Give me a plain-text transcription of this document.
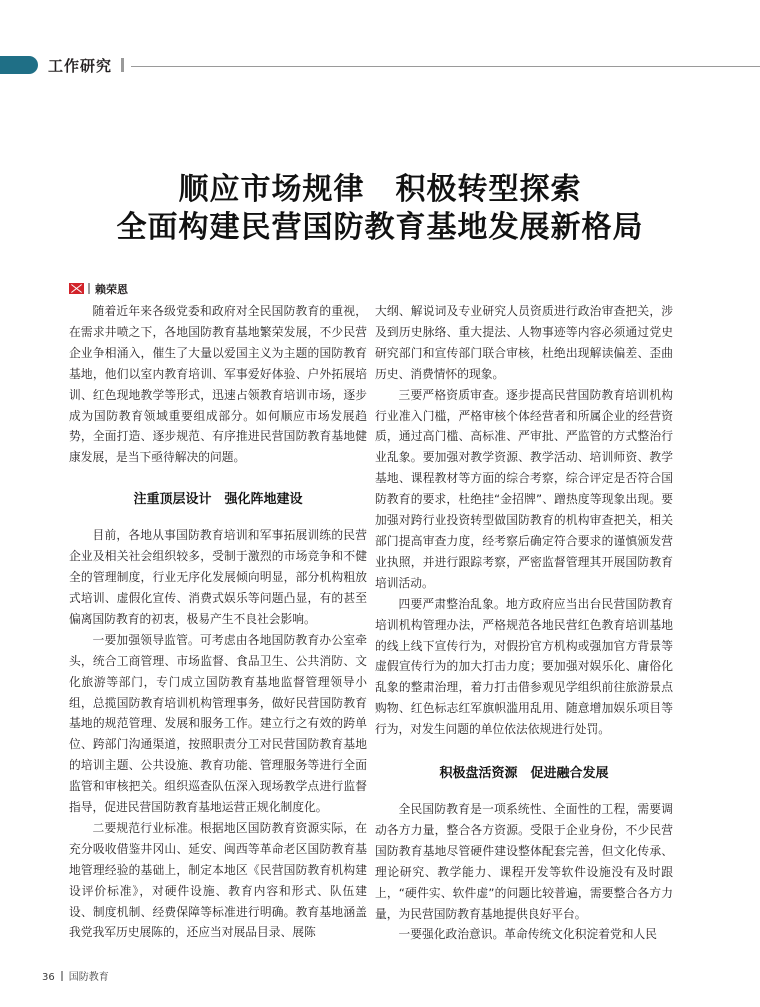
工作研究
顺应市场规律　积极转型探索
全面构建民营国防教育基地发展新格局
赖荣恩

随着近年来各级党委和政府对全民国防教育的重视，在需求井喷之下，各地国防教育基地繁荣发展，不少民营企业争相涌入，催生了大量以爱国主义为主题的国防教育基地，他们以室内教育培训、军事爱好体验、户外拓展培训、红色现地教学等形式，迅速占领教育培训市场，逐步成为国防教育领域重要组成部分。如何顺应市场发展趋势，全面打造、逐步规范、有序推进民营国防教育基地健康发展，是当下亟待解决的问题。

注重顶层设计　强化阵地建设

目前，各地从事国防教育培训和军事拓展训练的民营企业及相关社会组织较多，受制于激烈的市场竞争和不健全的管理制度，行业无序化发展倾向明显，部分机构粗放式培训、虚假化宣传、消费式娱乐等问题凸显，有的甚至偏离国防教育的初衷，极易产生不良社会影响。

一要加强领导监管。可考虑由各地国防教育办公室牵头，统合工商管理、市场监督、食品卫生、公共消防、文化旅游等部门，专门成立国防教育基地监督管理领导小组，总揽国防教育培训机构管理事务，做好民营国防教育基地的规范管理、发展和服务工作。建立行之有效的跨单位、跨部门沟通渠道，按照职责分工对民营国防教育基地的培训主题、公共设施、教育功能、管理服务等进行全面监管和审核把关。组织巡查队伍深入现场教学点进行监督指导，促进民营国防教育基地运营正规化制度化。

二要规范行业标准。根据地区国防教育资源实际，在充分吸收借鉴井冈山、延安、闽西等革命老区国防教育基地管理经验的基础上，制定本地区《民营国防教育机构建设评价标准》，对硬件设施、教育内容和形式、队伍建设、制度机制、经费保障等标准进行明确。教育基地涵盖我党我军历史展陈的，还应当对展品目录、展陈

大纲、解说词及专业研究人员资质进行政治审查把关，涉及到历史脉络、重大提法、人物事迹等内容必须通过党史研究部门和宣传部门联合审核，杜绝出现解读偏差、歪曲历史、消费情怀的现象。

三要严格资质审查。逐步提高民营国防教育培训机构行业准入门槛，严格审核个体经营者和所属企业的经营资质，通过高门槛、高标准、严审批、严监管的方式整治行业乱象。要加强对教学资源、教学活动、培训师资、教学基地、课程教材等方面的综合考察，综合评定是否符合国防教育的要求，杜绝挂“金招牌”、蹭热度等现象出现。要加强对跨行业投资转型做国防教育的机构审查把关，相关部门提高审查力度，经考察后确定符合要求的谨慎颁发营业执照，并进行跟踪考察，严密监督管理其开展国防教育培训活动。

四要严肃整治乱象。地方政府应当出台民营国防教育培训机构管理办法，严格规范各地民营红色教育培训基地的线上线下宣传行为，对假扮官方机构或强加官方背景等虚假宣传行为的加大打击力度；要加强对娱乐化、庸俗化乱象的整肃治理，着力打击借参观见学组织前往旅游景点购物、红色标志红军旗帜滥用乱用、随意增加娱乐项目等行为，对发生问题的单位依法依规进行处罚。

积极盘活资源　促进融合发展

全民国防教育是一项系统性、全面性的工程，需要调动各方力量，整合各方资源。受限于企业身份，不少民营国防教育基地尽管硬件建设整体配套完善，但文化传承、理论研究、教学能力、课程开发等软件设施没有及时跟上，“硬件实、软件虚”的问题比较普遍，需要整合各方力量，为民营国防教育基地提供良好平台。

一要强化政治意识。革命传统文化积淀着党和人民

36 国防教育
